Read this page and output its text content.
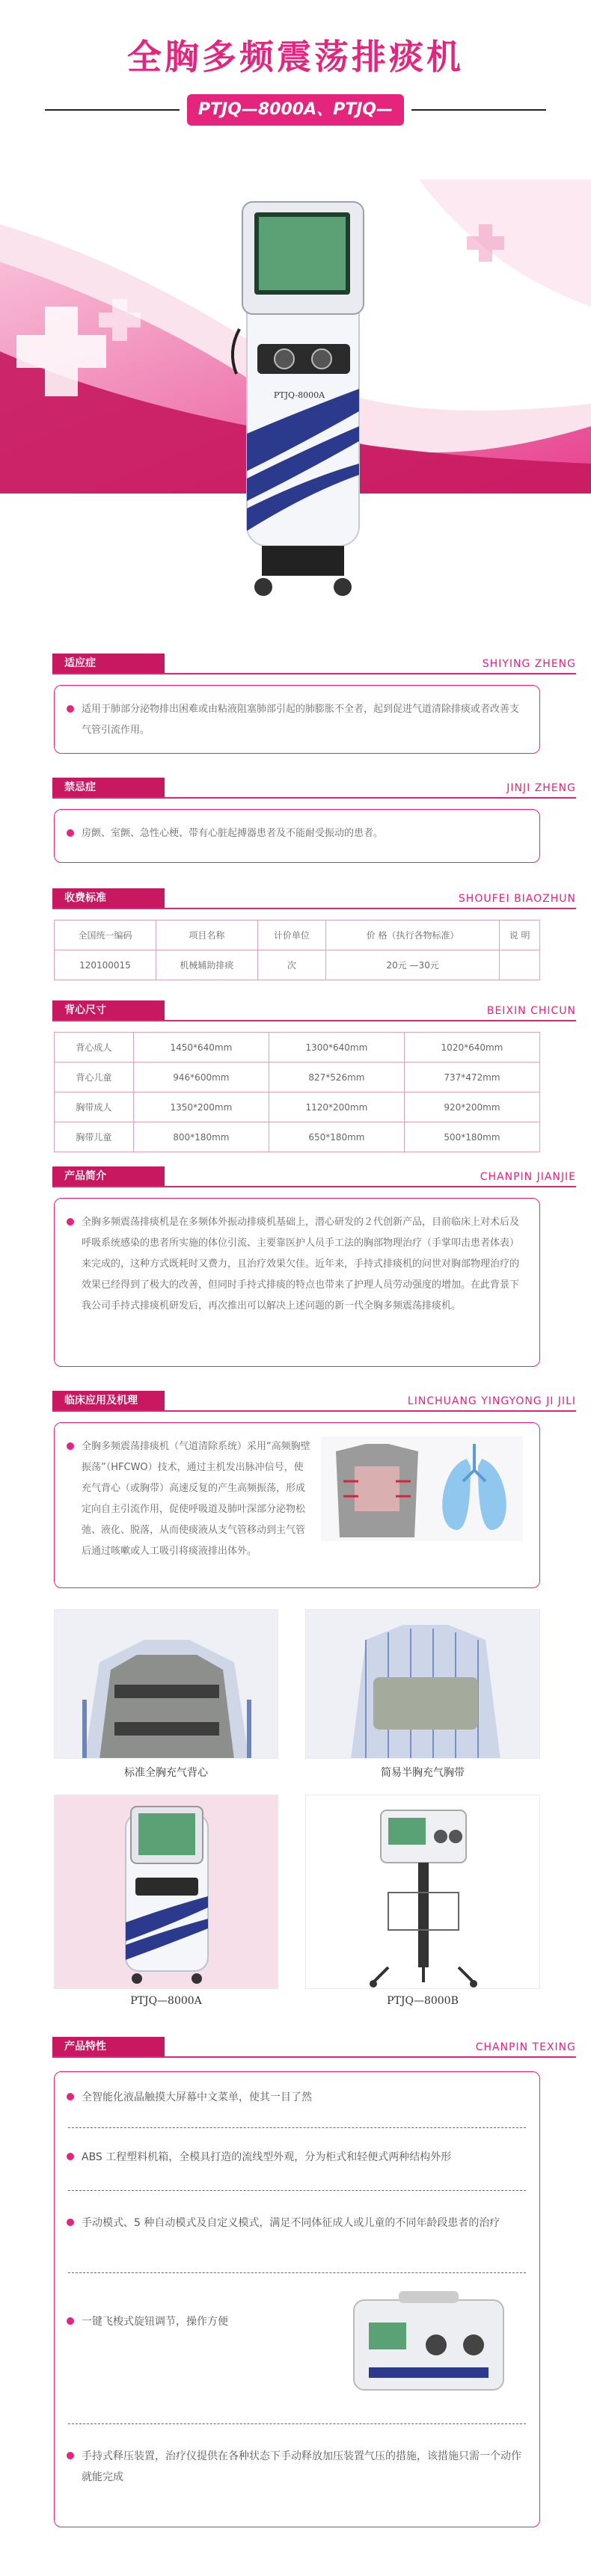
全胸多频震荡排痰机
PTJQ—8000A、PTJQ—8000B
PTJQ-8000A
适应症	SHIYING ZHENG
适用于肺部分泌物排出困难或由粘液阻塞肺部引起的肺膨胀不全者，起到促进气道清除排痰或者改善支气管引流作用。
禁忌症	JINJI ZHENG
房颤、室颤、急性心梗、带有心脏起搏器患者及不能耐受振动的患者。
收费标准	SHOUFEI BIAOZHUN
全国统一编码	项目名称	计价单位	价 格（执行各物标准）	说 明
120100015	机械辅助排痰	次	20元 —30元	
背心尺寸	BEIXIN CHICUN
背心成人	1450*640mm	1300*640mm	1020*640mm
背心儿童	946*600mm	827*526mm	737*472mm
胸带成人	1350*200mm	1120*200mm	920*200mm
胸带儿童	800*180mm	650*180mm	500*180mm
产品简介	CHANPIN JIANJIE
全胸多频震荡排痰机是在多频体外振动排痰机基础上，潜心研发的２代创新产品，目前临床上对术后及呼吸系统感染的患者所实施的体位引流、主要靠医护人员手工法的胸部物理治疗（手掌叩击患者体表）来完成的，这种方式既耗时又费力，且治疗效果欠佳。近年来，手持式排痰机的问世对胸部物理治疗的效果已经得到了极大的改善，但同时手持式排痰的特点也带来了护理人员劳动强度的增加。在此背景下我公司手持式排痰机研发后，再次推出可以解决上述问题的新一代全胸多频震荡排痰机。
临床应用及机理	LINCHUANG YINGYONG JI JILI
全胸多频震荡排痰机（气道清除系统）采用“高频胸壁振荡”（HFCWO）技术，通过主机发出脉冲信号，使充气背心（或胸带）高速反复的产生高频振荡，形成定向自主引流作用，促使呼吸道及肺叶深部分泌物松弛、液化、脱落，从而使痰液从支气管移动到主气管后通过咳嗽或人工吸引将痰液排出体外。
标准全胸充气背心	简易半胸充气胸带
PTJQ—8000A	PTJQ—8000B
产品特性	CHANPIN TEXING
全智能化液晶触摸大屏幕中文菜单，使其一目了然
ABS 工程塑料机箱，全模具打造的流线型外观，分为柜式和轻便式两种结构外形
手动模式、5 种自动模式及自定义模式，满足不同体征成人或儿童的不同年龄段患者的治疗
一键飞梭式旋钮调节，操作方便
手持式释压装置，治疗仪提供在各种状态下手动释放加压装置气压的措施，该措施只需一个动作就能完成
